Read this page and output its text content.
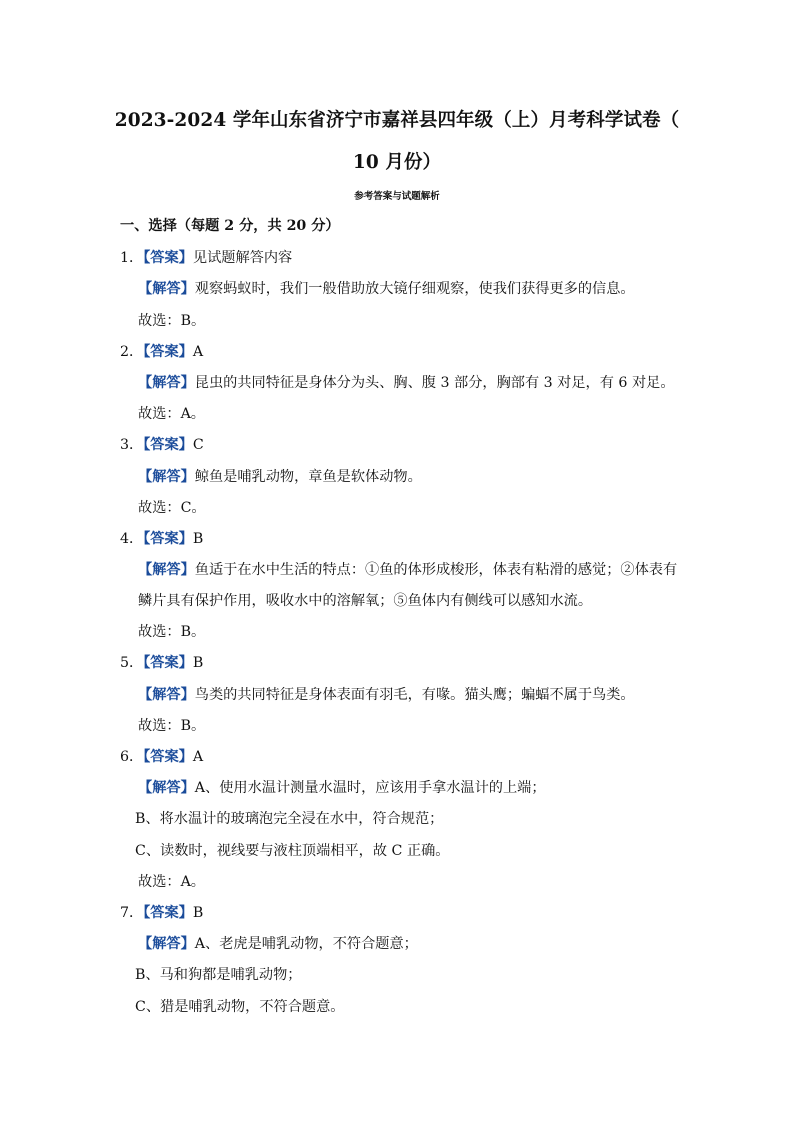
2023-2024 学年山东省济宁市嘉祥县四年级（上）月考科学试卷（
10 月份）
参考答案与试题解析
一、选择（每题 2 分，共 20 分）
1．【答案】见试题解答内容
【解答】观察蚂蚁时，我们一般借助放大镜仔细观察，使我们获得更多的信息。
故选：B。
2．【答案】A
【解答】昆虫的共同特征是身体分为头、胸、腹 3 部分，胸部有 3 对足，有 6 对足。
故选：A。
3．【答案】C
【解答】鲸鱼是哺乳动物，章鱼是软体动物。
故选：C。
4．【答案】B
【解答】鱼适于在水中生活的特点：①鱼的体形成梭形，体表有粘滑的感觉；②体表有
鳞片具有保护作用，吸收水中的溶解氧；⑤鱼体内有侧线可以感知水流。
故选：B。
5．【答案】B
【解答】鸟类的共同特征是身体表面有羽毛，有喙。猫头鹰；蝙蝠不属于鸟类。
故选：B。
6．【答案】A
【解答】A、使用水温计测量水温时，应该用手拿水温计的上端；
B、将水温计的玻璃泡完全浸在水中，符合规范；
C、读数时，视线要与液柱顶端相平，故 C 正确。
故选：A。
7．【答案】B
【解答】A、老虎是哺乳动物，不符合题意；
B、马和狗都是哺乳动物；
C、猎是哺乳动物，不符合题意。
